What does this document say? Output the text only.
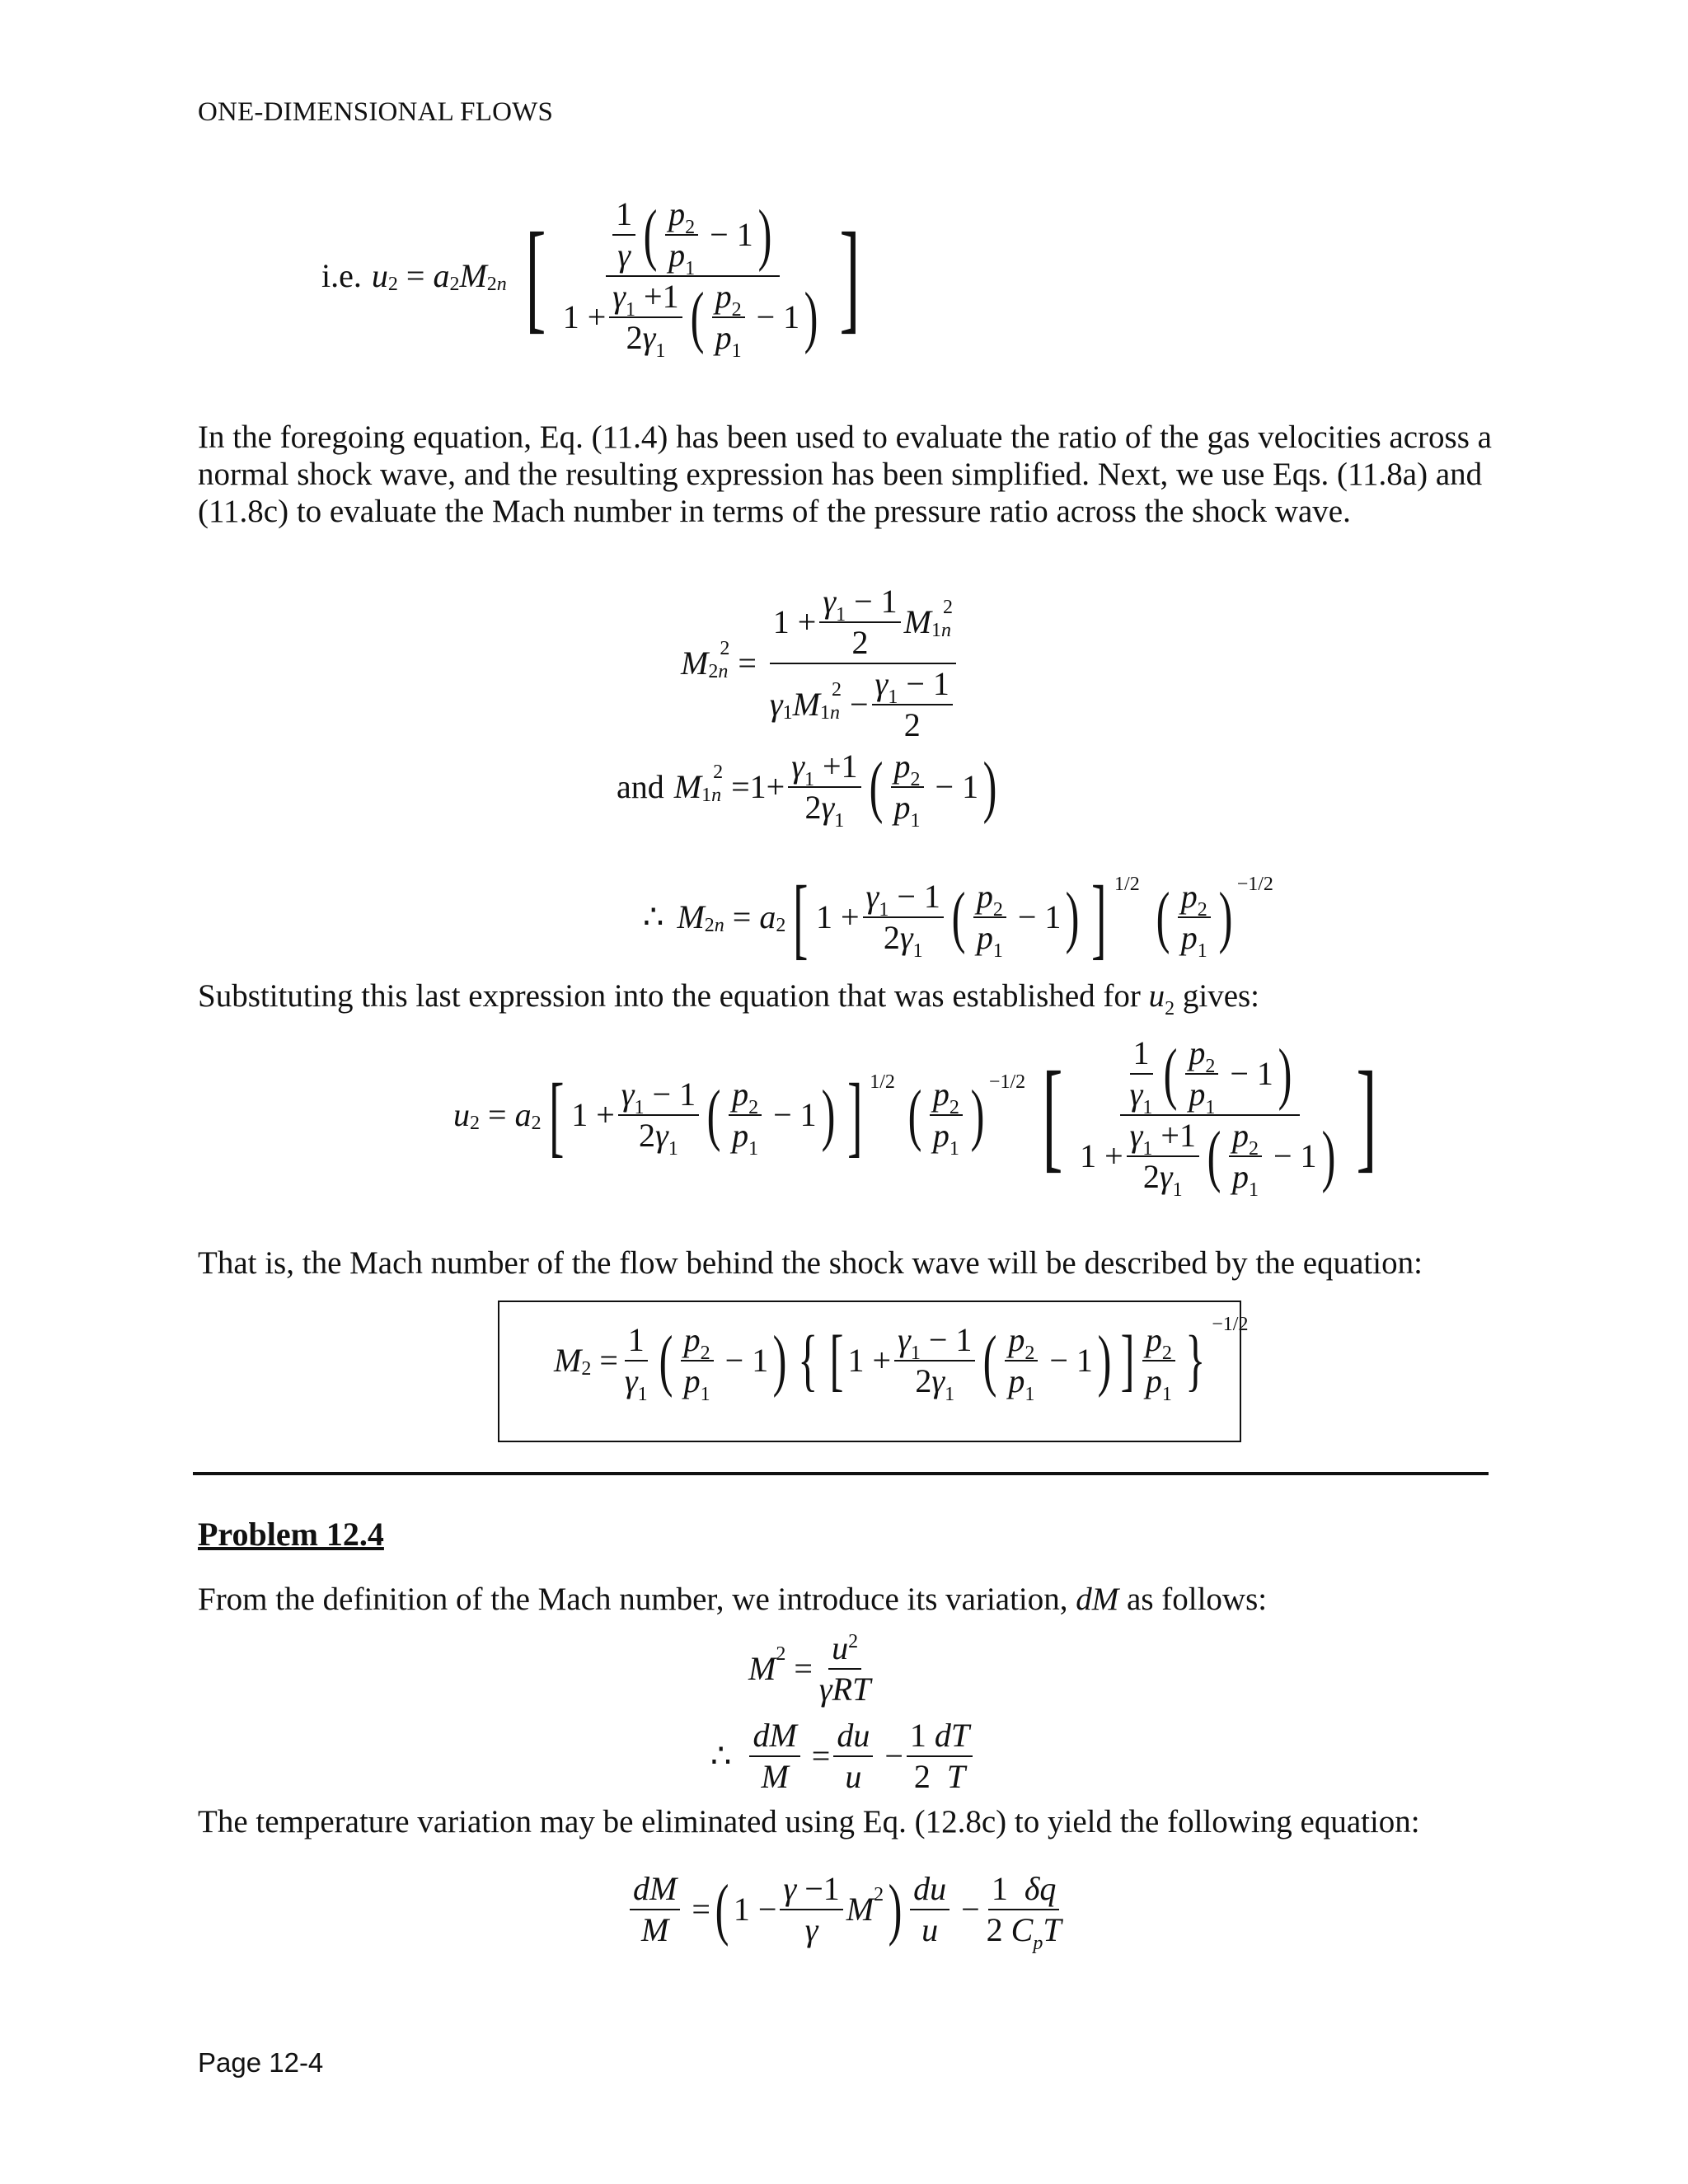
ONE-DIMENSIONAL FLOWS
i.e. u 2 = a 2 M 2n [ $\frac{\frac{1}{\gamma} ( \frac{p_2}{p_1} - 1 )}{1 + \frac{\gamma_1 +1}{2\gamma_1} ( \frac{p_2}{p_1} - 1 )}$ ]
In the foregoing equation, Eq. (11.4) has been used to evaluate the ratio of the gas velocities across a normal shock wave, and the resulting expression has been simplified. Next, we use Eqs. (11.8a) and (11.8c) to evaluate the Mach number in terms of the pressure ratio across the shock wave.
M 2n
$2 = 1 + \frac{\gamma_1 - 1}{2}$ M 1n
2
γ 1 M 1n
$2 - \frac{\gamma_1 - 1}{2}$
and M 1n
$2 =1+ \frac{\gamma_1 +1}{2\gamma_1}$ ( $\frac{p_2}{p_1} - 1$ )
∴ M 2n = a 2 [ $1 + \frac{\gamma_1 - 1}{2\gamma_1}$ ( $\frac{p_2}{p_1} - 1$ ) ] 1/2 ( $\frac{p_2}{p_1}$ ) −1/2
Substituting this last expression into the equation that was established for $u_2$ gives:
u 2 = a 2 [ $1 + \frac{\gamma_1 - 1}{2\gamma_1}$ ( $\frac{p_2}{p_1} - 1$ ) ] 1/2 ( $\frac{p_2}{p_1}$ ) −1/2 [ $\frac{\frac{1}{\gamma_1} ( \frac{p_2}{p_1} - 1 )}{1 + \frac{\gamma_1 +1}{2\gamma_1} ( \frac{p_2}{p_1} - 1 )}$ ]
That is, the Mach number of the flow behind the shock wave will be described by the equation:
M $2 = \frac{1}{\gamma_1}$ ( $\frac{p_2}{p_1} - 1$ ) { [ $1 + \frac{\gamma_1 - 1}{2\gamma_1}$ ( $\frac{p_2}{p_1} - 1$ ) ] $\frac{p_2}{p_1}$ } −1/2
Problem 12.4
From the definition of the Mach number, we introduce its variation, dM as follows:
M $2 = \frac{u^2}{\text{γRT}}$
∴ $\frac{dM}{M} = \frac{du}{u} - \frac{1 dT}{2 T}$
The temperature variation may be eliminated using Eq. (12.8c) to yield the following equation:
$\frac{dM}{M}$ = ( $1 - \frac{\gamma -1}{\gamma}$ M 2 ) $\frac{du}{u} - \frac{1 \delta q}{2 C_pT}$
Page 12-4
